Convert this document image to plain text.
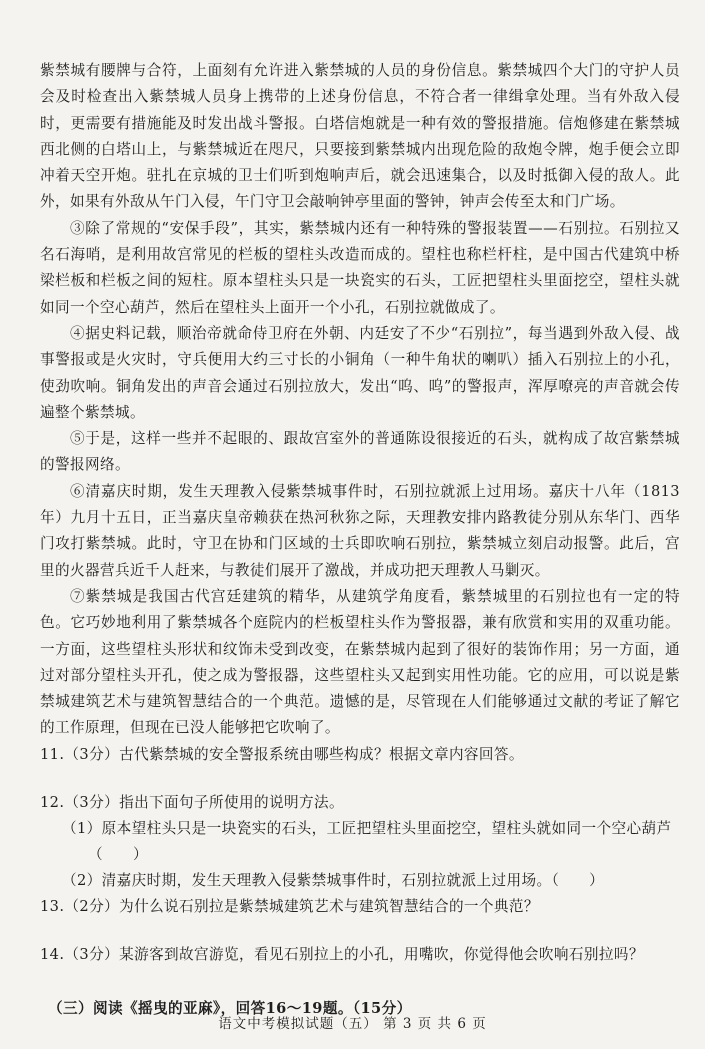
紫禁城有腰牌与合符，上面刻有允许进入紫禁城的人员的身份信息。紫禁城四个大门的守护人员会及时检查出入紫禁城人员身上携带的上述身份信息，不符合者一律缉拿处理。当有外敌入侵时，更需要有措施能及时发出战斗警报。白塔信炮就是一种有效的警报措施。信炮修建在紫禁城西北侧的白塔山上，与紫禁城近在咫尺，只要接到紫禁城内出现危险的敌炮令牌，炮手便会立即冲着天空开炮。驻扎在京城的卫士们听到炮响声后，就会迅速集合，以及时抵御入侵的敌人。此外，如果有外敌从午门入侵，午门守卫会敲响钟亭里面的警钟，钟声会传至太和门广场。

③除了常规的“安保手段”，其实，紫禁城内还有一种特殊的警报装置——石别拉。石别拉又名石海哨，是利用故宫常见的栏板的望柱头改造而成的。望柱也称栏杆柱，是中国古代建筑中桥梁栏板和栏板之间的短柱。原本望柱头只是一块瓷实的石头，工匠把望柱头里面挖空，望柱头就如同一个空心葫芦，然后在望柱头上面开一个小孔，石别拉就做成了。

④据史料记载，顺治帝就命侍卫府在外朝、内廷安了不少“石别拉”，每当遇到外敌入侵、战事警报或是火灾时，守兵便用大约三寸长的小铜角（一种牛角状的喇叭）插入石别拉上的小孔，使劲吹响。铜角发出的声音会通过石别拉放大，发出“呜、呜”的警报声，浑厚嘹亮的声音就会传遍整个紫禁城。

⑤于是，这样一些并不起眼的、跟故宫室外的普通陈设很接近的石头，就构成了故宫紫禁城的警报网络。

⑥清嘉庆时期，发生天理教入侵紫禁城事件时，石别拉就派上过用场。嘉庆十八年（1813年）九月十五日，正当嘉庆皇帝赖获在热河秋狝之际，天理教安排内路教徒分别从东华门、西华门攻打紫禁城。此时，守卫在协和门区域的士兵即吹响石别拉，紫禁城立刻启动报警。此后，宫里的火器营兵近千人赶来，与教徒们展开了激战，并成功把天理教人马剿灭。

⑦紫禁城是我国古代宫廷建筑的精华，从建筑学角度看，紫禁城里的石别拉也有一定的特色。它巧妙地利用了紫禁城各个庭院内的栏板望柱头作为警报器，兼有欣赏和实用的双重功能。一方面，这些望柱头形状和纹饰未受到改变，在紫禁城内起到了很好的装饰作用；另一方面，通过对部分望柱头开孔，使之成为警报器，这些望柱头又起到实用性功能。它的应用，可以说是紫禁城建筑艺术与建筑智慧结合的一个典范。遗憾的是，尽管现在人们能够通过文献的考证了解它的工作原理，但现在已没人能够把它吹响了。

11.（3分）古代紫禁城的安全警报系统由哪些构成？根据文章内容回答。

12.（3分）指出下面句子所使用的说明方法。

（1）原本望柱头只是一块瓷实的石头，工匠把望柱头里面挖空，望柱头就如同一个空心葫芦

（　　）

（2）清嘉庆时期，发生天理教入侵紫禁城事件时，石别拉就派上过用场。（　　）

13.（2分）为什么说石别拉是紫禁城建筑艺术与建筑智慧结合的一个典范？

14.（3分）某游客到故宫游览，看见石别拉上的小孔，用嘴吹，你觉得他会吹响石别拉吗？

（三）阅读《摇曳的亚麻》，回答16～19题。（15分）

语文中考模拟试题（五） 第 3 页 共 6 页
